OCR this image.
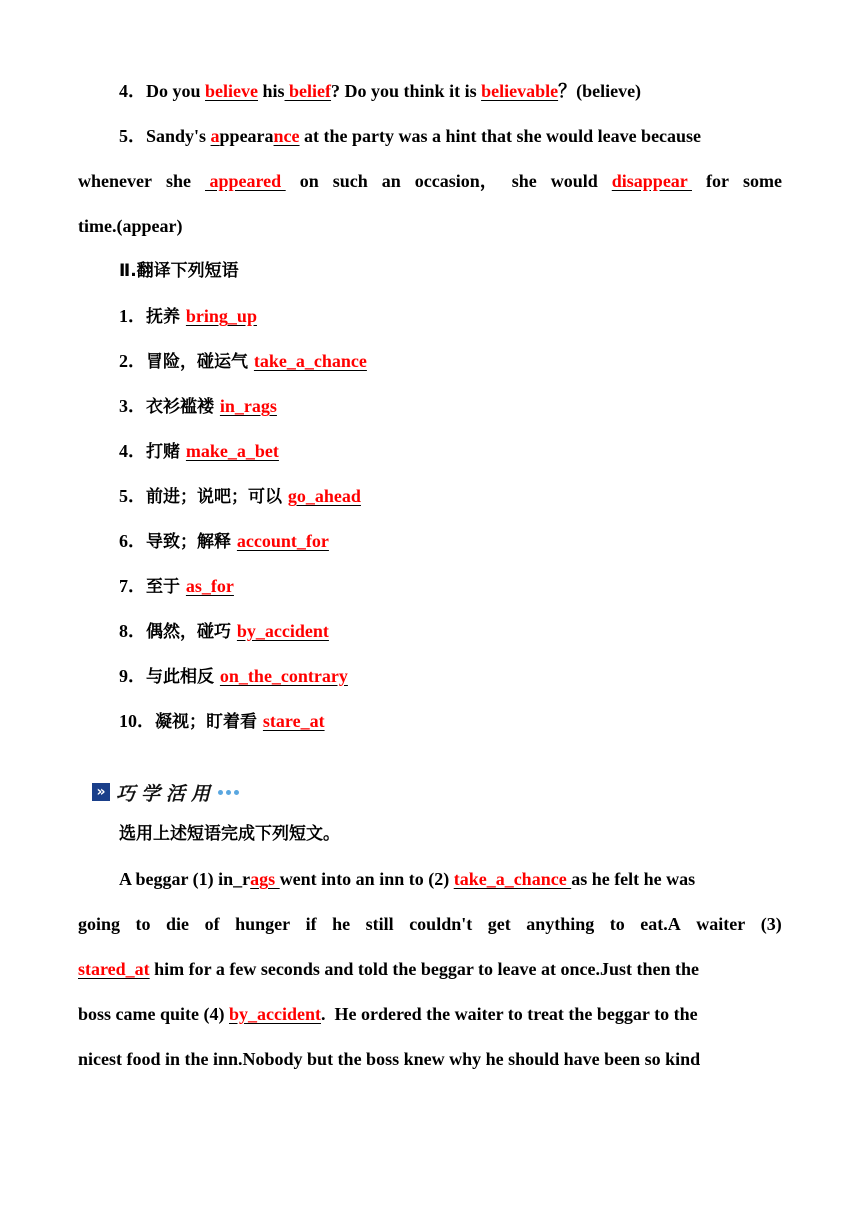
4．Do you believe his belief? Do you think it is believable？(believe)
5．Sandy's appearance at the party was a hint that she would leave because
whenever she appeared on such an occasion， she would disappear for some
time.(appear)
Ⅱ.翻译下列短语
1．抚养 bring_up
2．冒险，碰运气 take_a_chance
3．衣衫褴褛 in_rags
4．打赌 make_a_bet
5．前进；说吧；可以 go_ahead
6．导致；解释 account_for
7．至于 as_for
8．偶然，碰巧 by_accident
9．与此相反 on_the_contrary
10．凝视；盯着看 stare_at
» 巧学活用
选用上述短语完成下列短文。
A beggar (1) in_rags went into an inn to (2) take_a_chance as he felt he was
going to die of hunger if he still couldn't get anything to eat.A waiter (3)
stared_at him for a few seconds and told the beggar to leave at once.Just then the
boss came quite (4) by_accident.  He ordered the waiter to treat the beggar to the
nicest food in the inn.Nobody but the boss knew why he should have been so kind
